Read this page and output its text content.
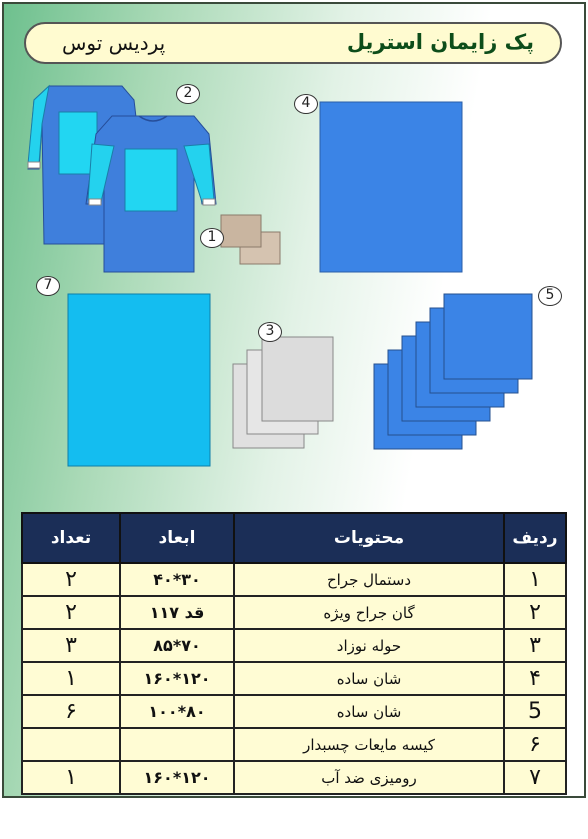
پک زایمان استریل
پردیس توس
1
2
3
4
5
7
ردیف	محتویات	ابعاد	تعداد
۱	دستمال جراح	۳۰*۴۰	۲
۲	گان جراح ویژه	قد ۱۱۷	۲
۳	حوله نوزاد	۷۰*۸۵	۳
۴	شان ساده	۱۲۰*۱۶۰	۱
5	شان ساده	۸۰*۱۰۰	۶
۶	کیسه مایعات چسبدار		
۷	رومیزی ضد آب	۱۲۰*۱۶۰	۱
